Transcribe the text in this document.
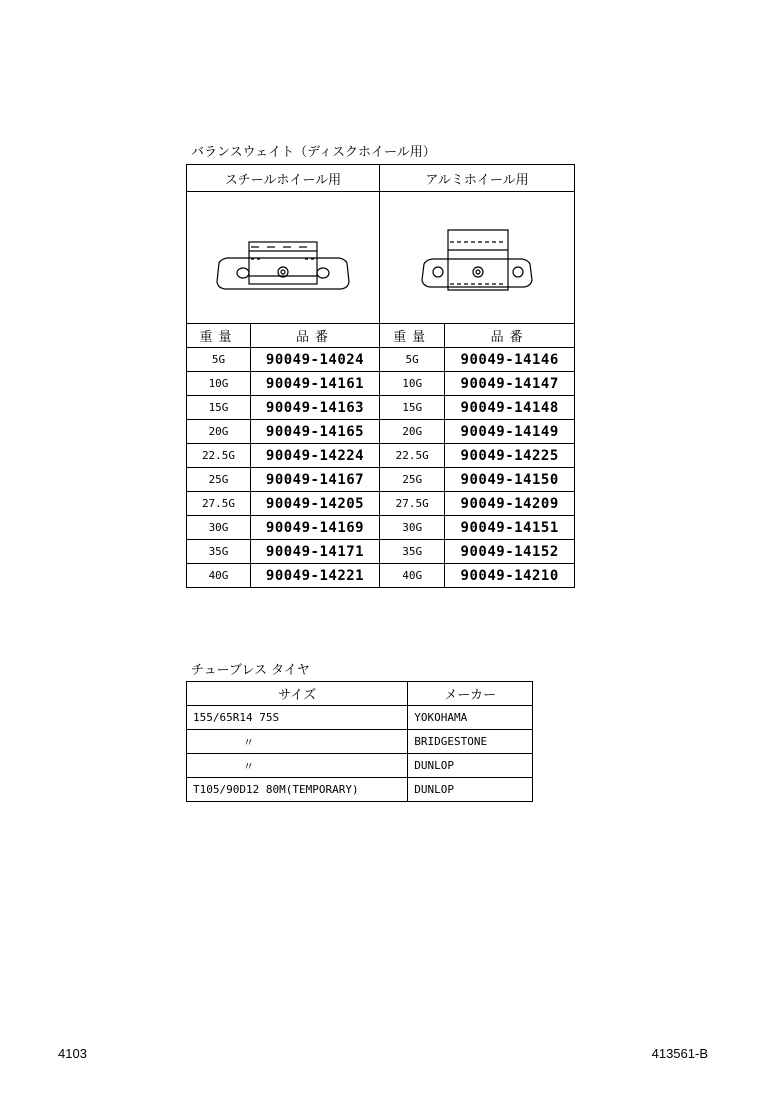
バランスウェイト（ディスクホイール用）
スチールホイール用		アルミホイール用	

重量	品番	重量	品番
5G	90049-14024	5G	90049-14146
10G	90049-14161	10G	90049-14147
15G	90049-14163	15G	90049-14148
20G	90049-14165	20G	90049-14149
22.5G	90049-14224	22.5G	90049-14225
25G	90049-14167	25G	90049-14150
27.5G	90049-14205	27.5G	90049-14209
30G	90049-14169	30G	90049-14151
35G	90049-14171	35G	90049-14152
40G	90049-14221	40G	90049-14210
チューブレス タイヤ
サイズ	メーカー
155/65R14 75S	YOKOHAMA
〃	BRIDGESTONE
〃	DUNLOP
T105/90D12 80M(TEMPORARY)	DUNLOP
4103	413561-B
